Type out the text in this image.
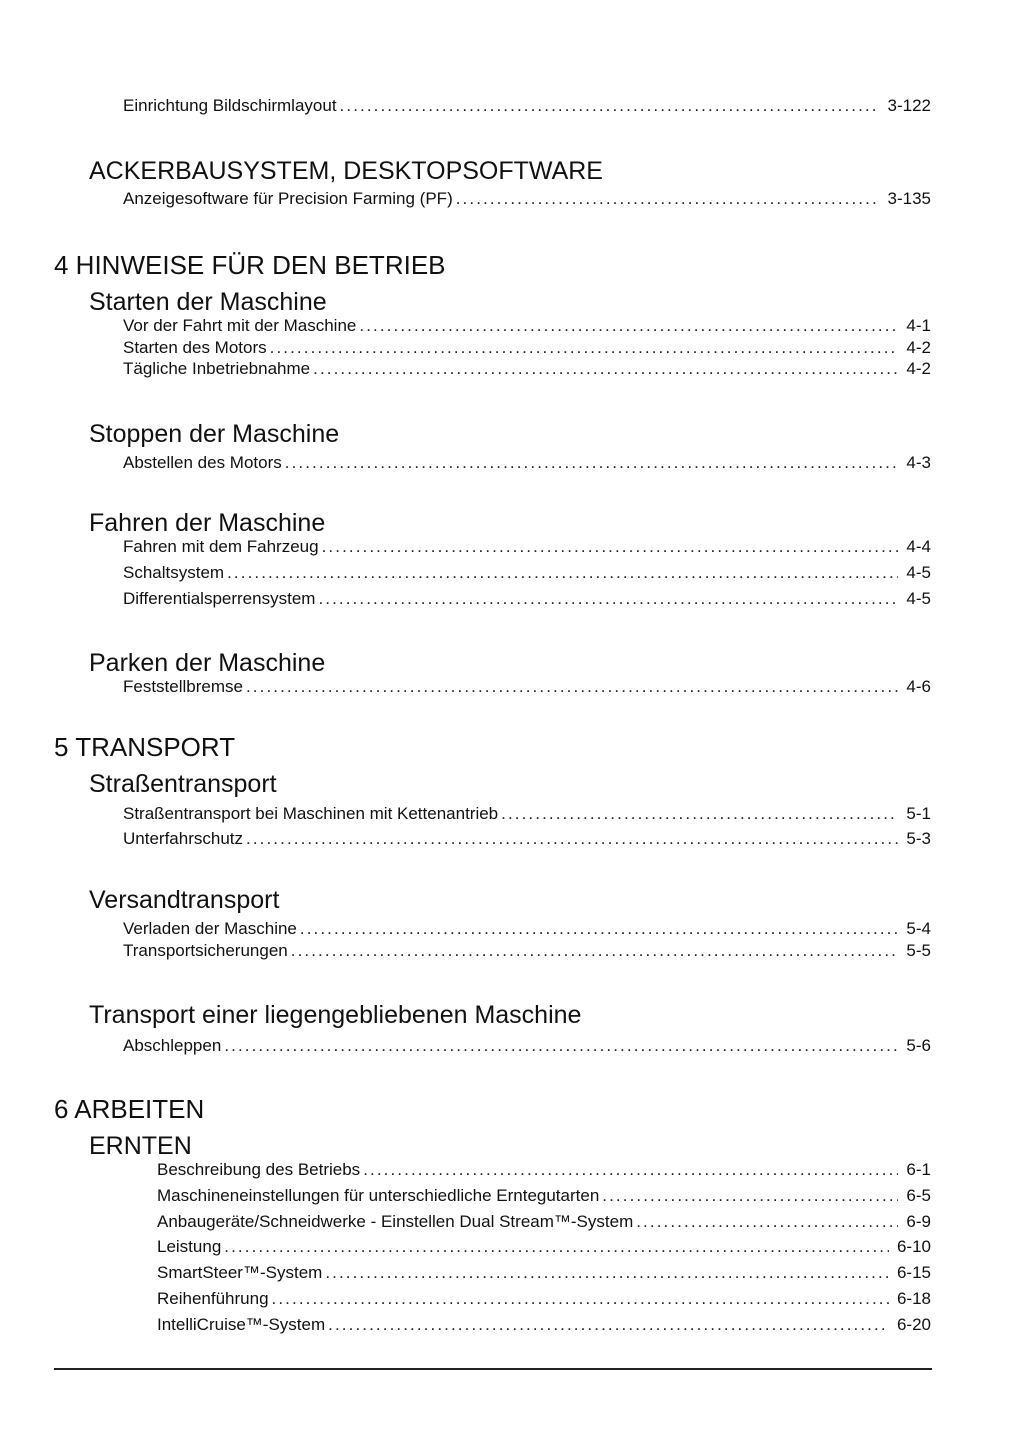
Einrichtung Bildschirmlayout .....	3-122
ACKERBAUSYSTEM, DESKTOPSOFTWARE
Anzeigesoftware für Precision Farming (PF) .....	3-135
4 HINWEISE FÜR DEN BETRIEB
Starten der Maschine
Vor der Fahrt mit der Maschine .....	4-1
Starten des Motors .....	4-2
Tägliche Inbetriebnahme .....	4-2
Stoppen der Maschine
Abstellen des Motors .....	4-3
Fahren der Maschine
Fahren mit dem Fahrzeug .....	4-4
Schaltsystem .....	4-5
Differentialsperrensystem .....	4-5
Parken der Maschine
Feststellbremse .....	4-6
5 TRANSPORT
Straßentransport
Straßentransport bei Maschinen mit Kettenantrieb .....	5-1
Unterfahrschutz .....	5-3
Versandtransport
Verladen der Maschine .....	5-4
Transportsicherungen .....	5-5
Transport einer liegengebliebenen Maschine
Abschleppen .....	5-6
6 ARBEITEN
ERNTEN
Beschreibung des Betriebs .....	6-1
Maschineneinstellungen für unterschiedliche Erntegutarten .....	6-5
Anbaugeräte/Schneidwerke - Einstellen Dual Stream™-System .....	6-9
Leistung .....	6-10
SmartSteer™-System .....	6-15
Reihenführung .....	6-18
IntelliCruise™-System .....	6-20
